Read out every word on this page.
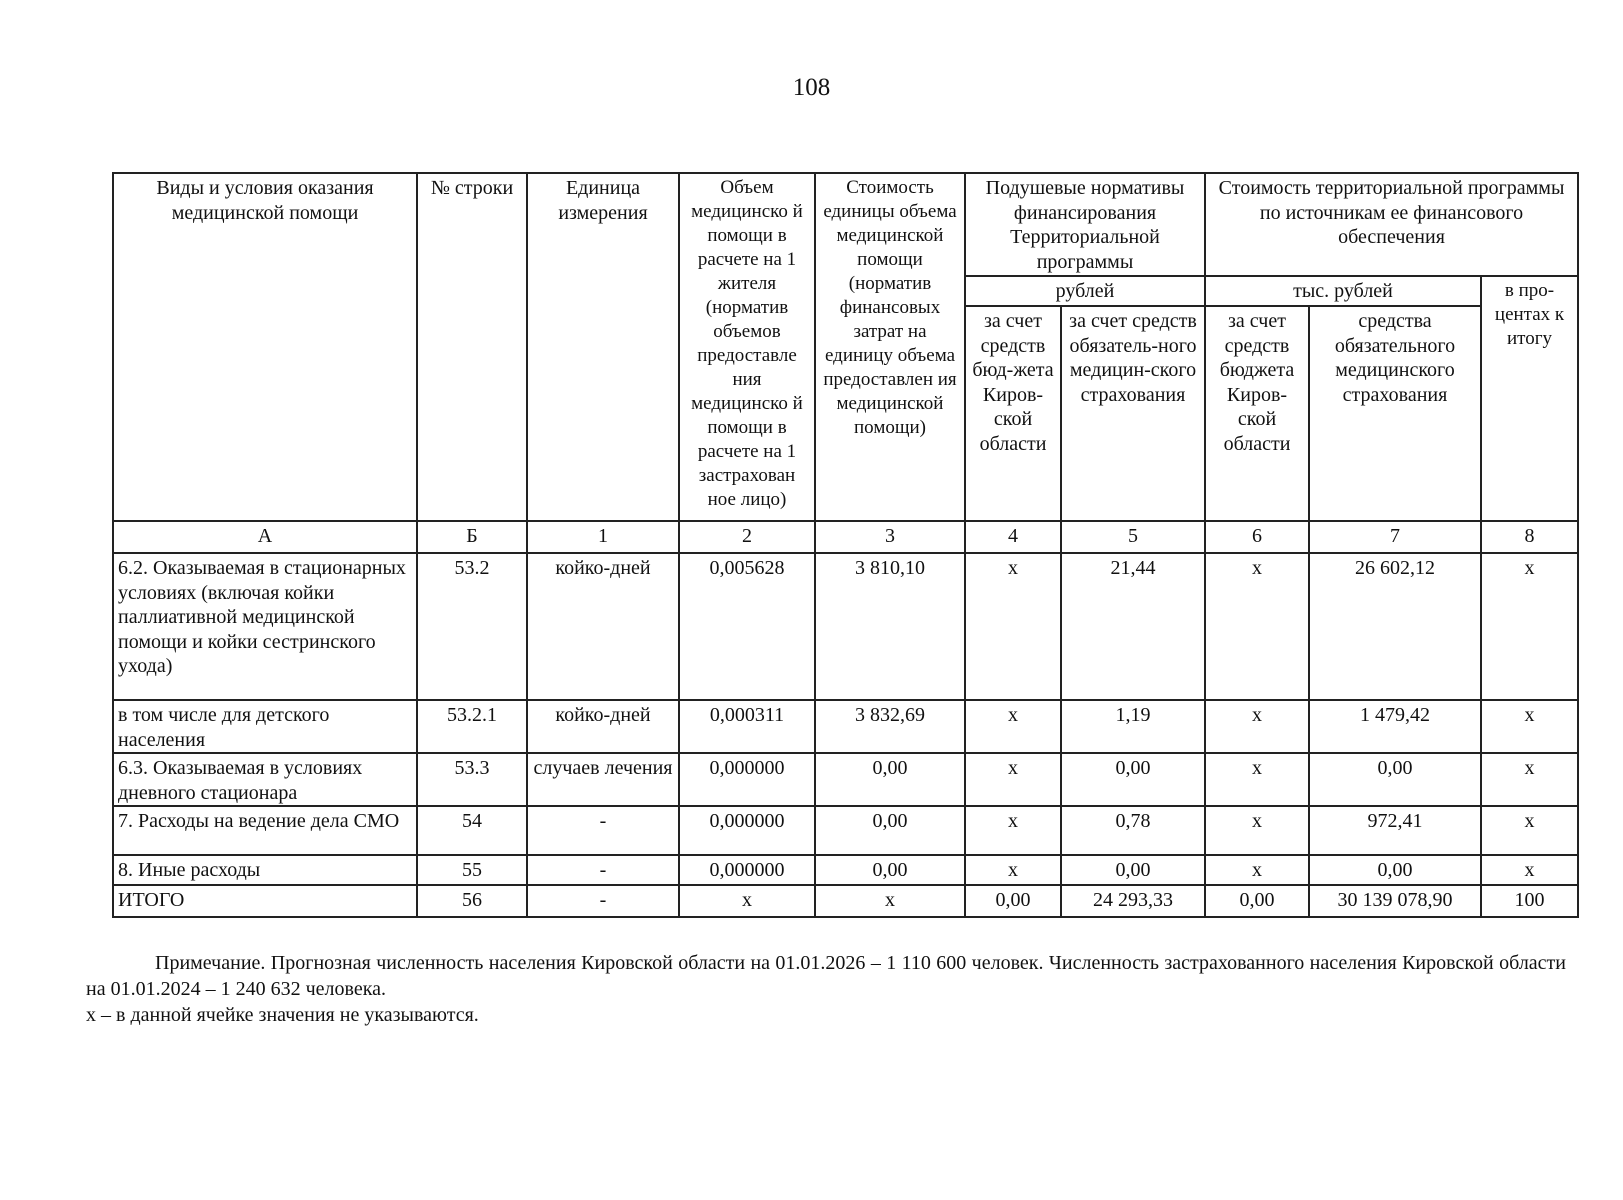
108
Виды и условия оказания медицинской помощи	№ строки	Единица измерения	Объем медицинско й помощи в расчете на 1 жителя (норматив объемов предоставле ния медицинско й помощи в расчете на 1 застрахован ное лицо)	Стоимость единицы объема медицинской помощи (норматив финансовых затрат на единицу объема предоставлен ия медицинской помощи)	Подушевые нормативы финансирования Территориальной программы		Стоимость территориальной программы по источникам ее финансового обеспечения		
					рублей		тыс. рублей		в про-центах к итогу
					за счет средств бюд-жета Киров-ской области	за счет средств обязатель-ного медицин-ского страхования	за счет средств бюджета Киров-ской области	средства обязательного медицинского страхования	
А	Б	1	2	3	4	5	6	7	8
6.2. Оказываемая в стационарных условиях (включая койки паллиативной медицинской помощи и койки сестринского ухода)	53.2	койко-дней	0,005628	3 810,10	х	21,44	х	26 602,12	х
в том числе для детского населения	53.2.1	койко-дней	0,000311	3 832,69	х	1,19	х	1 479,42	х
6.3. Оказываемая в условиях дневного стационара	53.3	случаев лечения	0,000000	0,00	х	0,00	х	0,00	х
7. Расходы на ведение дела СМО	54	-	0,000000	0,00	х	0,78	х	972,41	х
8. Иные расходы	55	-	0,000000	0,00	х	0,00	х	0,00	х
ИТОГО	56	-	х	х	0,00	24 293,33	0,00	30 139 078,90	100

Примечание. Прогнозная численность населения Кировской области на 01.01.2026 – 1 110 600 человек. Численность застрахованного населения Кировской области на 01.01.2024 – 1 240 632 человека.

х – в данной ячейке значения не указываются.
